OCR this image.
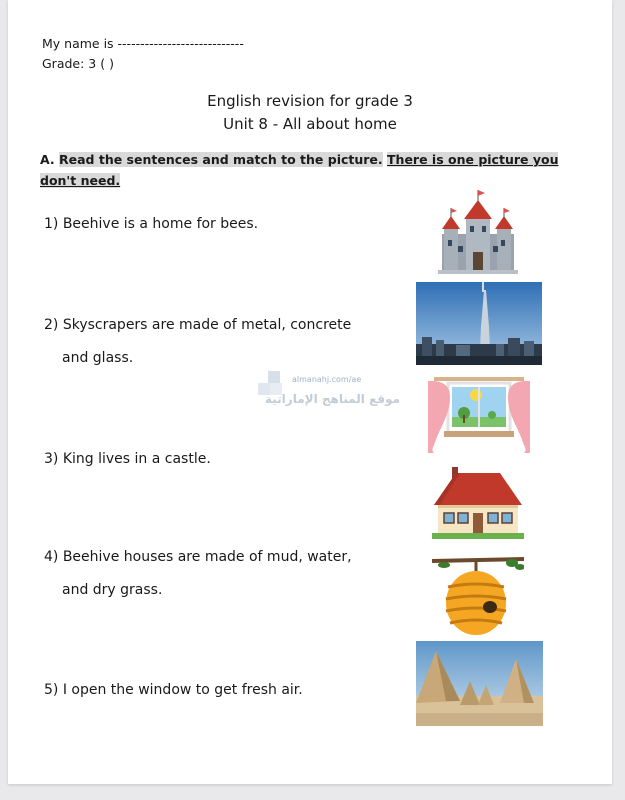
My name is ----------------------------
Grade: 3 ( )
English revision for grade 3
Unit 8 - All about home
A. Read the sentences and match to the picture. There is one picture you don't need.
1) Beehive is a home for bees.
2) Skyscrapers are made of metal, concrete
and glass.
3) King lives in a castle.
4) Beehive houses are made of mud, water,
and dry grass.
5) I open the window to get fresh air.
almanahj.com/ae
موقع المناهج الإماراتية
